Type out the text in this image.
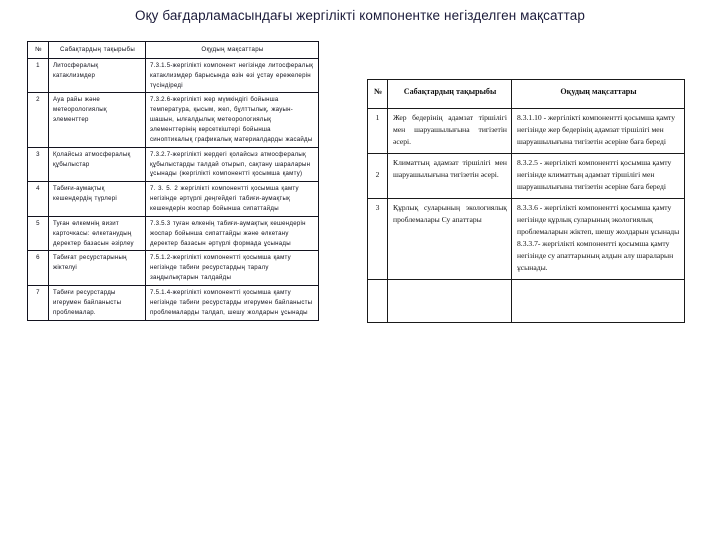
Оқу бағдарламасындағы жергілікті компонентке негізделген мақсаттар
№	Сабақтардың тақырыбы	Оқудың мақсаттары
1	Литосфералық катаклизмдер	7.3.1.5-жергілікті компонент негізінде литосфералық катаклизмдер барысында өзін өзі ұстау ережелерін түсіндіреді
2	Ауа райы және метеорологиялық элементтер	7.3.2.6-жергілікті жер мүмкіндігі бойынша температура, қысым, жел, бұлттылық, жауын-шашын, ылғалдылық метеорологиялық элементтерінің көрсеткіштері бойынша синоптикалық графикалық материалдарды жасайды
3	Қолайсыз атмосфералық құбылыстар	7.3.2.7-жергілікті жердегі қолайсыз атмосфералық құбылыстарды талдай отырып, сақтану шараларын ұсынады (жергілікті компонентті қосымша қамту)
4	Табиғи-аумақтық кешендердің түрлері	7. 3. 5. 2 жергілікті компонентті қосымша қамту негізінде әртүрлі деңгейдегі табиғи-аумақтық кешендерін жоспар бойынша сипаттайды
5	Туған өлкемнің визит карточкасы: өлкетанудың деректер базасын әзірлеу	7.3.5.3 туған өлкенің табиғи-аумақтық кешендерін жоспар бойынша сипаттайды және өлкетану деректер базасын әртүрлі формада ұсынады
6	Табиғат ресурстарының жіктелуі	7.5.1.2-жергілікті компонентті қосымша қамту негізінде табиғи ресурстардың таралу заңдылықтарын талдайды
7	Табиғи ресурстарды игерумен байланысты проблемалар.	7.5.1.4-жергілікті компонентті қосымша қамту негізінде табиғи ресурстарды игерумен байланысты проблемаларды талдап, шешу жолдарын ұсынады
№	Сабақтардың тақырыбы	Оқудың мақсаттары
1	Жер бедерінің адамзат тіршілігі мен шаруашылығына тигізетін әсері.	8.3.1.10 - жергілікті компонентті қосымша қамту негізінде жер бедерінің адамзат тіршілігі мен шаруашылығына тигізетін әсеріне баға береді
2	Климаттың адамзат тіршілігі мен шаруашылығына тигізетін әсері.	8.3.2.5 - жергілікті компонентті қосымша қамту негізінде климаттың адамзат тіршілігі мен шаруашылығына тигізетін әсеріне баға береді
3	Құрлық суларының экологиялық проблемалары Су апаттары	8.3.3.6 - жергілікті компонентті қосымша қамту негізінде құрлық суларының экологиялық проблемаларын жіктеп, шешу жолдарын ұсынады 8.3.3.7- жергілікті компонентті қосымша қамту негізінде су апаттарының алдын алу шараларын ұсынады.
